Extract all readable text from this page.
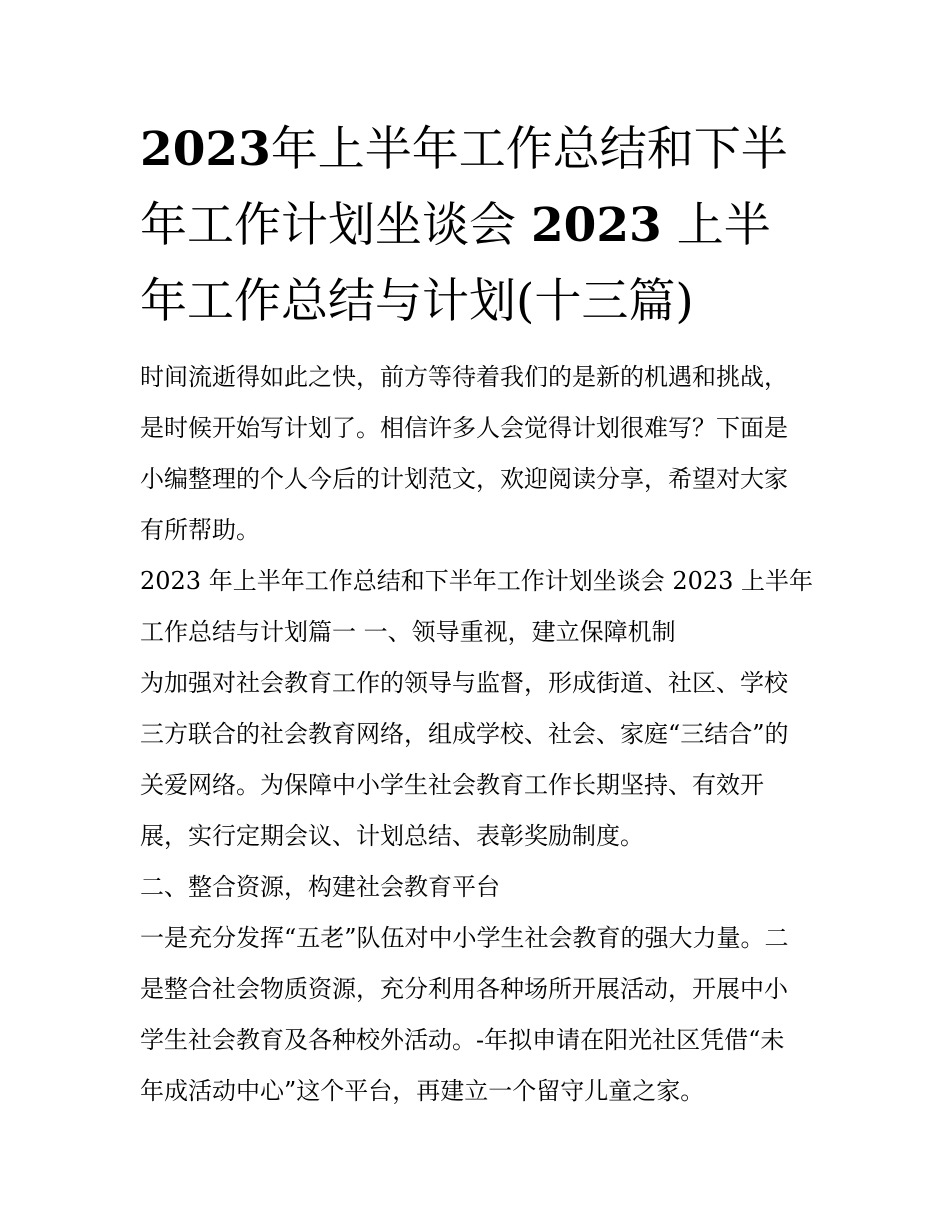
2023年上半年工作总结和下半
年工作计划坐谈会 2023 上半
年工作总结与计划(十三篇)
时间流逝得如此之快，前方等待着我们的是新的机遇和挑战，
是时候开始写计划了。相信许多人会觉得计划很难写？下面是
小编整理的个人今后的计划范文，欢迎阅读分享，希望对大家
有所帮助。
2023 年上半年工作总结和下半年工作计划坐谈会 2023 上半年
工作总结与计划篇一 一、领导重视，建立保障机制
为加强对社会教育工作的领导与监督，形成街道、社区、学校
三方联合的社会教育网络，组成学校、社会、家庭“三结合”的
关爱网络。为保障中小学生社会教育工作长期坚持、有效开
展，实行定期会议、计划总结、表彰奖励制度。
二、整合资源，构建社会教育平台
一是充分发挥“五老”队伍对中小学生社会教育的强大力量。二
是整合社会物质资源，充分利用各种场所开展活动，开展中小
学生社会教育及各种校外活动。-年拟申请在阳光社区凭借“未
年成活动中心”这个平台，再建立一个留守儿童之家。
